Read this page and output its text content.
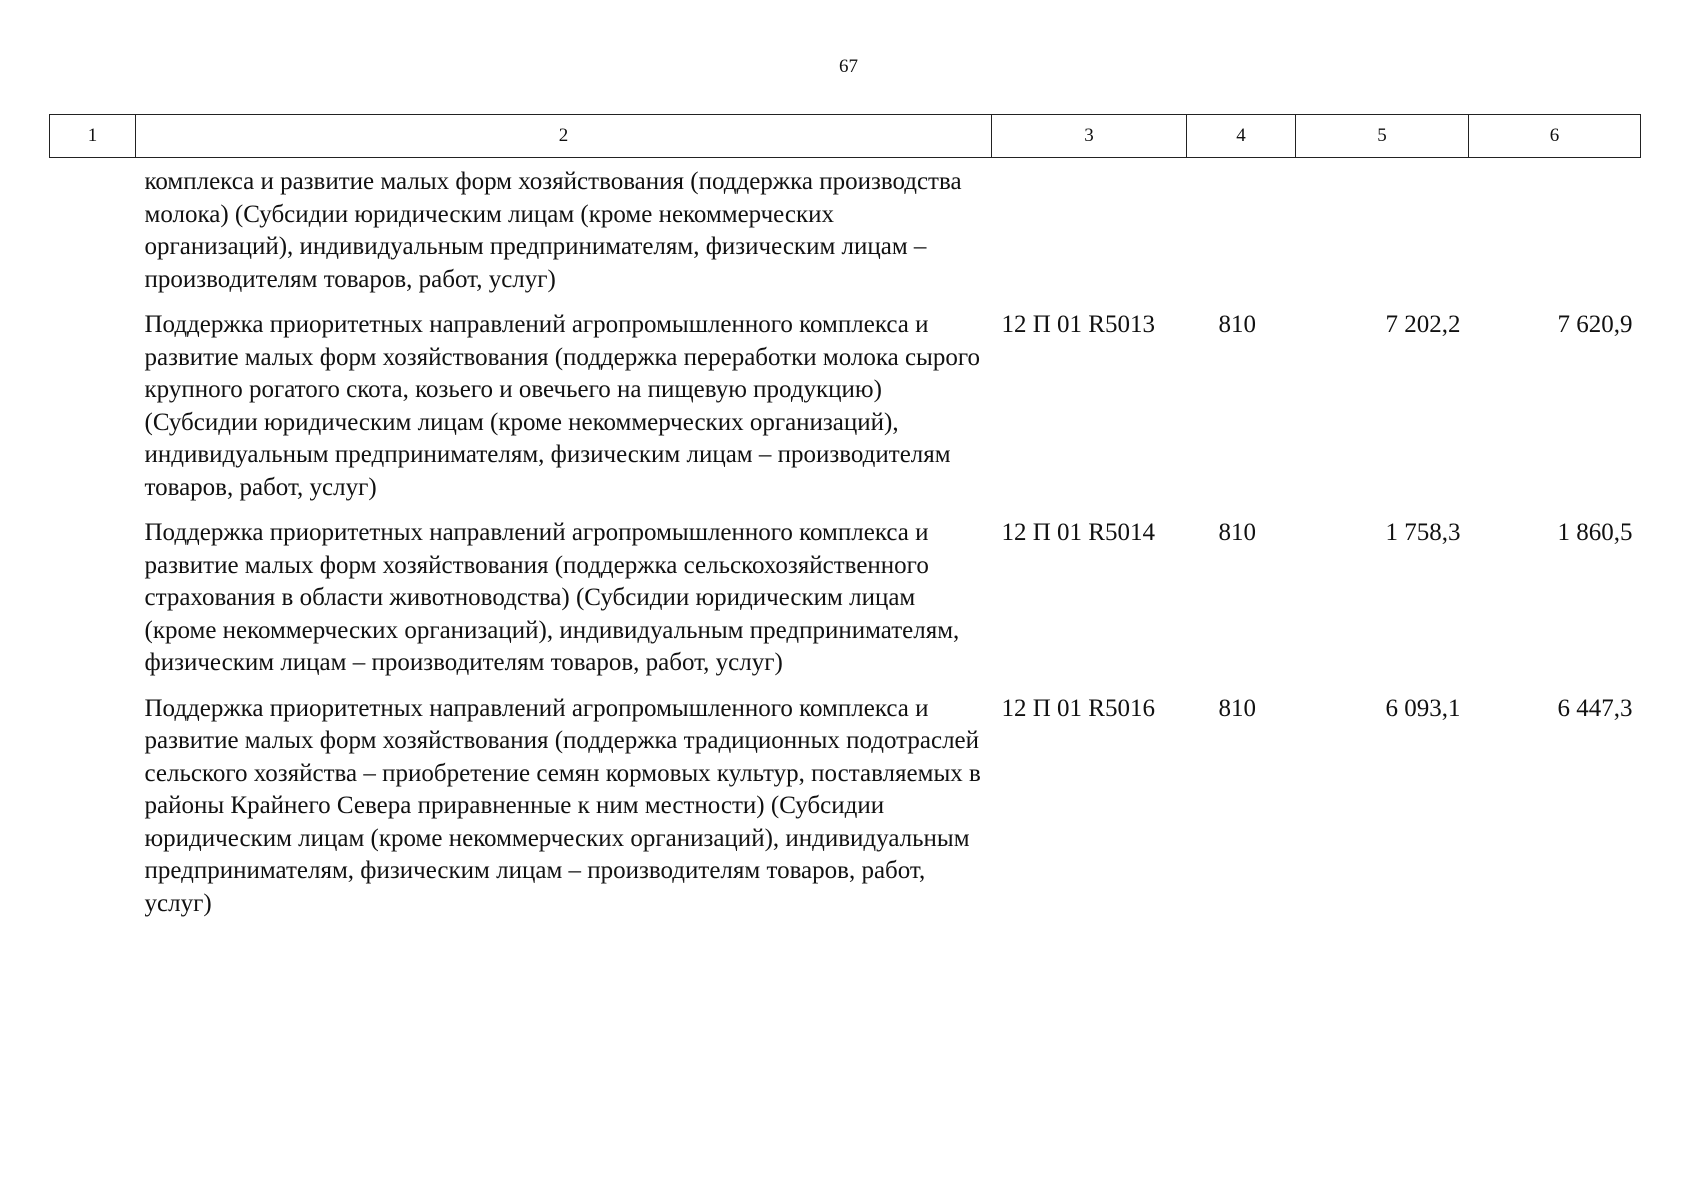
67
1	2	3	4	5	6
	комплекса и развитие малых форм хозяйствования (поддержка производства молока) (Субсидии юридическим лицам (кроме некоммерческих организаций), индивидуальным предпринимателям, физическим лицам – производителям товаров, работ, услуг)				
	Поддержка приоритетных направлений агропромышленного комплекса и развитие малых форм хозяйствования (поддержка переработки молока сырого крупного рогатого скота, козьего и овечьего на пищевую продукцию) (Субсидии юридическим лицам (кроме некоммерческих организаций), индивидуальным предпринимателям, физическим лицам – производителям товаров, работ, услуг)	12 П 01 R5013	810	7 202,2	7 620,9
	Поддержка приоритетных направлений агропромышленного комплекса и развитие малых форм хозяйствования (поддержка сельскохозяйственного страхования в области животноводства) (Субсидии юридическим лицам (кроме некоммерческих организаций), индивидуальным предпринимателям, физическим лицам – производителям товаров, работ, услуг)	12 П 01 R5014	810	1 758,3	1 860,5
	Поддержка приоритетных направлений агропромышленного комплекса и развитие малых форм хозяйствования (поддержка традиционных подотраслей сельского хозяйства – приобретение семян кормовых культур, поставляемых в районы Крайнего Севера приравненные к ним местности) (Субсидии юридическим лицам (кроме некоммерческих организаций), индивидуальным предпринимателям, физическим лицам – производителям товаров, работ, услуг)	12 П 01 R5016	810	6 093,1	6 447,3
